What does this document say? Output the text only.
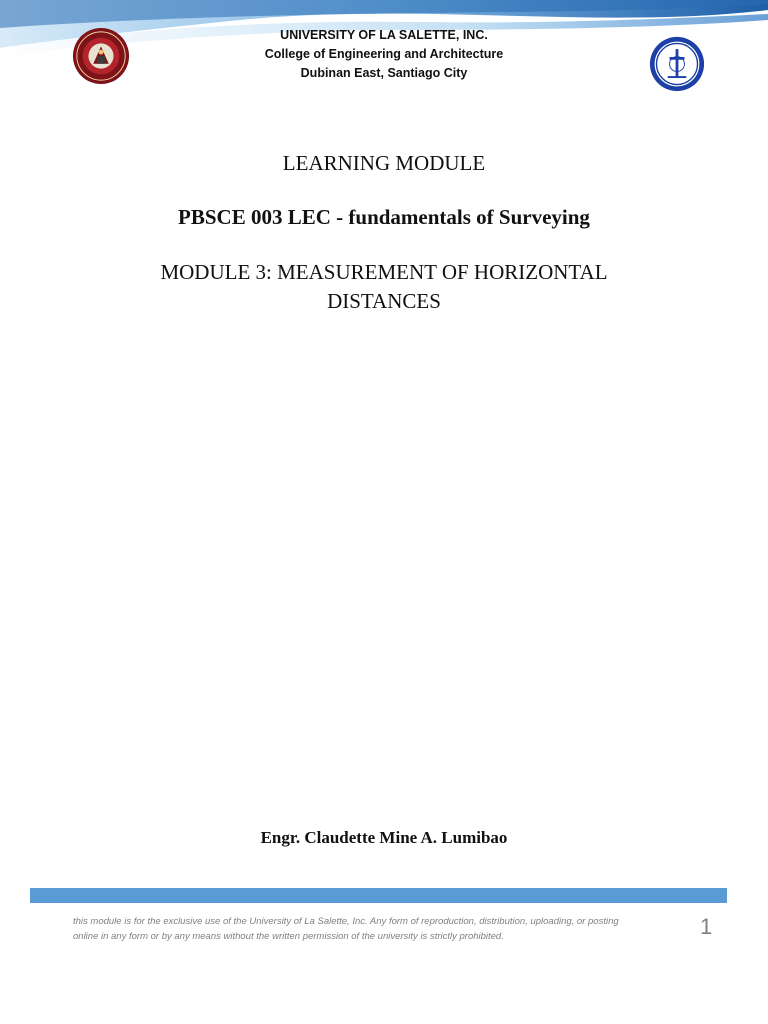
UNIVERSITY OF LA SALETTE, INC.
College of Engineering and Architecture
Dubinan East, Santiago City
LEARNING MODULE
PBSCE 003 LEC - fundamentals of Surveying
MODULE 3: MEASUREMENT OF HORIZONTAL
DISTANCES
Engr. Claudette Mine A. Lumibao
this module is for the exclusive use of the University of La Salette, Inc. Any form of reproduction, distribution, uploading, or posting
online in any form or by any means without the written permission of the university is strictly prohibited.	1
